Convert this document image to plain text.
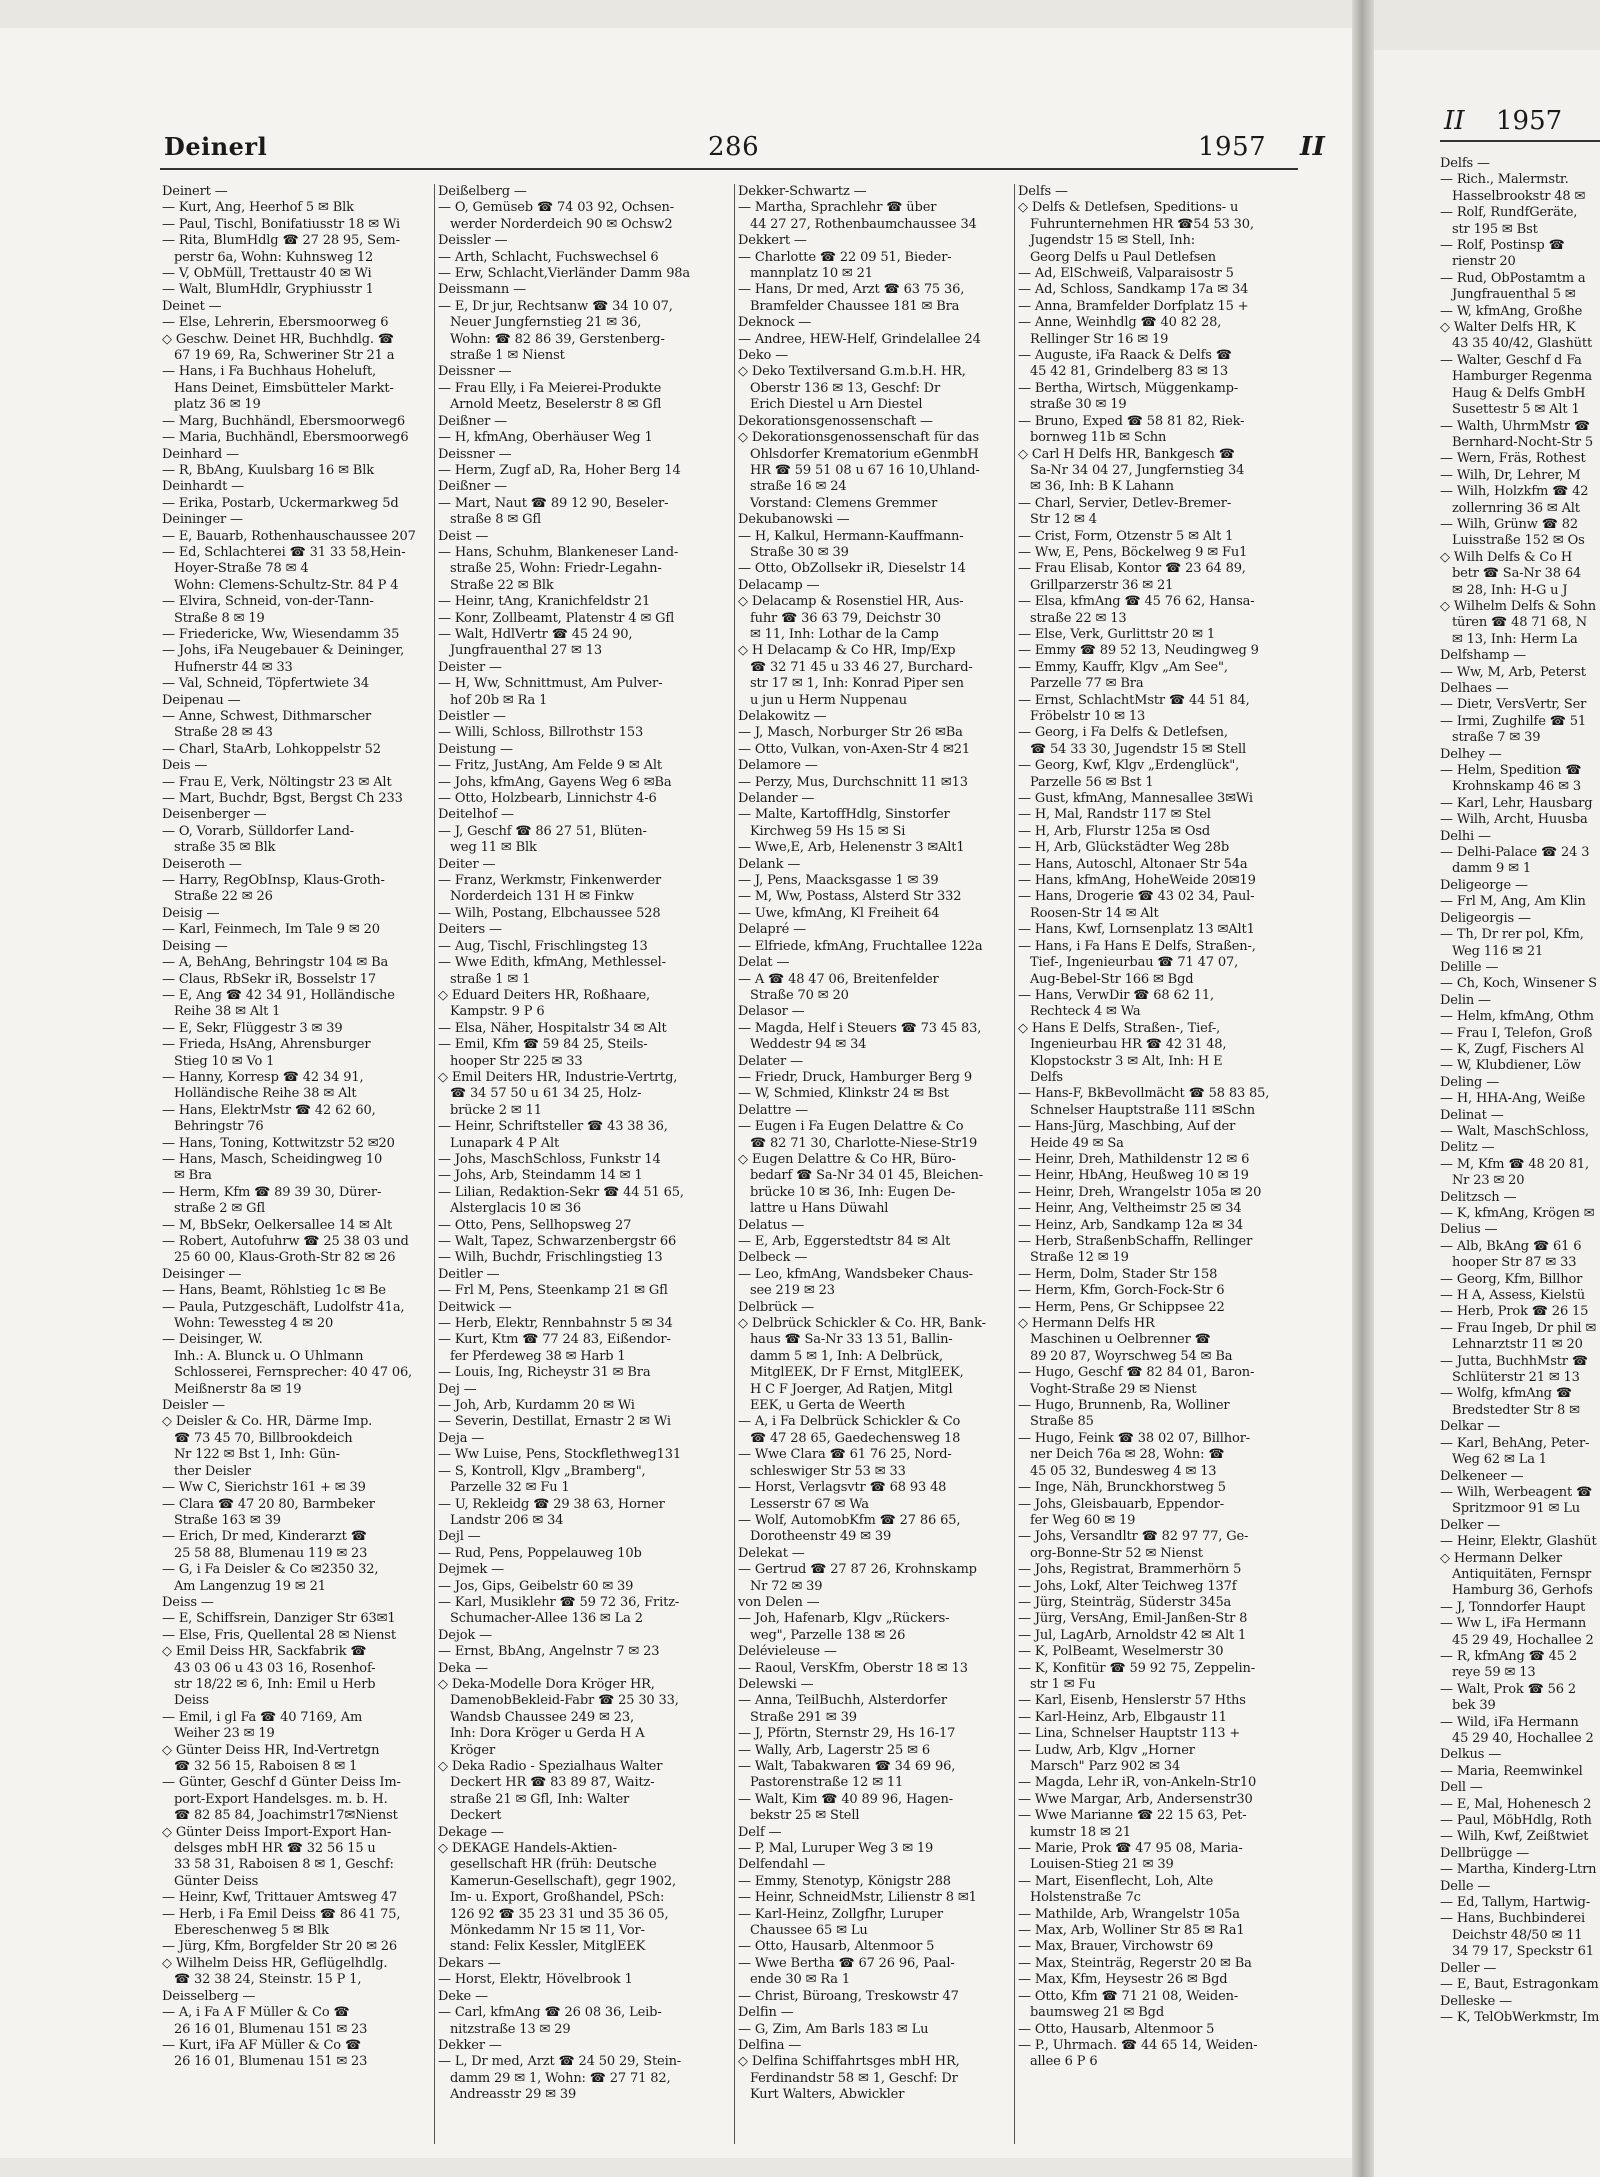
Deinerl	286	1957 II
Deinert —
— Kurt, Ang, Heerhof 5 ✉ Blk
— Paul, Tischl, Bonifatiusstr 18 ✉ Wi
— Rita, BlumHdlg ☎ 27 28 95, Sem-
perstr 6a, Wohn: Kuhnsweg 12
— V, ObMüll, Trettaustr 40 ✉ Wi
— Walt, BlumHdlr, Gryphiusstr 1
Deinet —
— Else, Lehrerin, Ebersmoorweg 6
◇ Geschw. Deinet HR, Buchhdlg. ☎
67 19 69, Ra, Schweriner Str 21 a
— Hans, i Fa Buchhaus Hoheluft,
Hans Deinet, Eimsbütteler Markt-
platz 36 ✉ 19
— Marg, Buchhändl, Ebersmoorweg6
— Maria, Buchhändl, Ebersmoorweg6
Deinhard —
— R, BbAng, Kuulsbarg 16 ✉ Blk
Deinhardt —
— Erika, Postarb, Uckermarkweg 5d
Deininger —
— E, Bauarb, Rothenhauschaussee 207
— Ed, Schlachterei ☎ 31 33 58,Hein-
Hoyer-Straße 78 ✉ 4
Wohn: Clemens-Schultz-Str. 84 P 4
— Elvira, Schneid, von-der-Tann-
Straße 8 ✉ 19
— Friedericke, Ww, Wiesendamm 35
— Johs, iFa Neugebauer & Deininger,
Hufnerstr 44 ✉ 33
— Val, Schneid, Töpfertwiete 34
Deipenau —
— Anne, Schwest, Dithmarscher
Straße 28 ✉ 43
— Charl, StaArb, Lohkoppelstr 52
Deis —
— Frau E, Verk, Nöltingstr 23 ✉ Alt
— Mart, Buchdr, Bgst, Bergst Ch 233
Deisenberger —
— O, Vorarb, Sülldorfer Land-
straße 35 ✉ Blk
Deiseroth —
— Harry, RegObInsp, Klaus-Groth-
Straße 22 ✉ 26
Deisig —
— Karl, Feinmech, Im Tale 9 ✉ 20
Deising —
— A, BehAng, Behringstr 104 ✉ Ba
— Claus, RbSekr iR, Bosselstr 17
— E, Ang ☎ 42 34 91, Holländische
Reihe 38 ✉ Alt 1
— E, Sekr, Flüggestr 3 ✉ 39
— Frieda, HsAng, Ahrensburger
Stieg 10 ✉ Vo 1
— Hanny, Korresp ☎ 42 34 91,
Holländische Reihe 38 ✉ Alt
— Hans, ElektrMstr ☎ 42 62 60,
Behringstr 76
— Hans, Toning, Kottwitzstr 52 ✉20
— Hans, Masch, Scheidingweg 10
✉ Bra
— Herm, Kfm ☎ 89 39 30, Dürer-
straße 2 ✉ Gfl
— M, BbSekr, Oelkersallee 14 ✉ Alt
— Robert, Autofuhrw ☎ 25 38 03 und
25 60 00, Klaus-Groth-Str 82 ✉ 26
Deisinger —
— Hans, Beamt, Röhlstieg 1c ✉ Be
— Paula, Putzgeschäft, Ludolfstr 41a,
Wohn: Tewessteg 4 ✉ 20
— Deisinger, W.
Inh.: A. Blunck u. O Uhlmann
Schlosserei, Fernsprecher: 40 47 06,
Meißnerstr 8a ✉ 19
Deisler —
◇ Deisler & Co. HR, Därme Imp.
☎ 73 45 70, Billbrookdeich
Nr 122 ✉ Bst 1, Inh: Gün-
ther Deisler
— Ww C, Sierichstr 161 + ✉ 39
— Clara ☎ 47 20 80, Barmbeker
Straße 163 ✉ 39
— Erich, Dr med, Kinderarzt ☎
25 58 88, Blumenau 119 ✉ 23
— G, i Fa Deisler & Co ✉2350 32,
Am Langenzug 19 ✉ 21
Deiss —
— E, Schiffsrein, Danziger Str 63✉1
— Else, Fris, Quellental 28 ✉ Nienst
◇ Emil Deiss HR, Sackfabrik ☎
43 03 06 u 43 03 16, Rosenhof-
str 18/22 ✉ 6, Inh: Emil u Herb
Deiss
— Emil, i gl Fa ☎ 40 7169, Am
Weiher 23 ✉ 19
◇ Günter Deiss HR, Ind-Vertretgn
☎ 32 56 15, Raboisen 8 ✉ 1
— Günter, Geschf d Günter Deiss Im-
port-Export Handelsges. m. b. H.
☎ 82 85 84, Joachimstr17✉Nienst
◇ Günter Deiss Import-Export Han-
delsges mbH HR ☎ 32 56 15 u
33 58 31, Raboisen 8 ✉ 1, Geschf:
Günter Deiss
— Heinr, Kwf, Trittauer Amtsweg 47
— Herb, i Fa Emil Deiss ☎ 86 41 75,
Ebereschenweg 5 ✉ Blk
— Jürg, Kfm, Borgfelder Str 20 ✉ 26
◇ Wilhelm Deiss HR, Geflügelhdlg.
☎ 32 38 24, Steinstr. 15 P 1,
Deisselberg —
— A, i Fa A F Müller & Co ☎
26 16 01, Blumenau 151 ✉ 23
— Kurt, iFa AF Müller & Co ☎
26 16 01, Blumenau 151 ✉ 23
Deißelberg —
— O, Gemüseb ☎ 74 03 92, Ochsen-
werder Norderdeich 90 ✉ Ochsw2
Deissler —
— Arth, Schlacht, Fuchswechsel 6
— Erw, Schlacht,Vierländer Damm 98a
Deissmann —
— E, Dr jur, Rechtsanw ☎ 34 10 07,
Neuer Jungfernstieg 21 ✉ 36,
Wohn: ☎ 82 86 39, Gerstenberg-
straße 1 ✉ Nienst
Deissner —
— Frau Elly, i Fa Meierei-Produkte
Arnold Meetz, Beselerstr 8 ✉ Gfl
Deißner —
— H, kfmAng, Oberhäuser Weg 1
Deissner —
— Herm, Zugf aD, Ra, Hoher Berg 14
Deißner —
— Mart, Naut ☎ 89 12 90, Beseler-
straße 8 ✉ Gfl
Deist —
— Hans, Schuhm, Blankeneser Land-
straße 25, Wohn: Friedr-Legahn-
Straße 22 ✉ Blk
— Heinr, tAng, Kranichfeldstr 21
— Konr, Zollbeamt, Platenstr 4 ✉ Gfl
— Walt, HdlVertr ☎ 45 24 90,
Jungfrauenthal 27 ✉ 13
Deister —
— H, Ww, Schnittmust, Am Pulver-
hof 20b ✉ Ra 1
Deistler —
— Willi, Schloss, Billrothstr 153
Deistung —
— Fritz, JustAng, Am Felde 9 ✉ Alt
— Johs, kfmAng, Gayens Weg 6 ✉Ba
— Otto, Holzbearb, Linnichstr 4-6
Deitelhof —
— J, Geschf ☎ 86 27 51, Blüten-
weg 11 ✉ Blk
Deiter —
— Franz, Werkmstr, Finkenwerder
Norderdeich 131 H ✉ Finkw
— Wilh, Postang, Elbchaussee 528
Deiters —
— Aug, Tischl, Frischlingsteg 13
— Wwe Edith, kfmAng, Methlessel-
straße 1 ✉ 1
◇ Eduard Deiters HR, Roßhaare,
Kampstr. 9 P 6
— Elsa, Näher, Hospitalstr 34 ✉ Alt
— Emil, Kfm ☎ 59 84 25, Steils-
hooper Str 225 ✉ 33
◇ Emil Deiters HR, Industrie-Vertrtg,
☎ 34 57 50 u 61 34 25, Holz-
brücke 2 ✉ 11
— Heinr, Schriftsteller ☎ 43 38 36,
Lunapark 4 P Alt
— Johs, MaschSchloss, Funkstr 14
— Johs, Arb, Steindamm 14 ✉ 1
— Lilian, Redaktion-Sekr ☎ 44 51 65,
Alsterglacis 10 ✉ 36
— Otto, Pens, Sellhopsweg 27
— Walt, Tapez, Schwarzenbergstr 66
— Wilh, Buchdr, Frischlingstieg 13
Deitler —
— Frl M, Pens, Steenkamp 21 ✉ Gfl
Deitwick —
— Herb, Elektr, Rennbahnstr 5 ✉ 34
— Kurt, Ktm ☎ 77 24 83, Eißendor-
fer Pferdeweg 38 ✉ Harb 1
— Louis, Ing, Richeystr 31 ✉ Bra
Dej —
— Joh, Arb, Kurdamm 20 ✉ Wi
— Severin, Destillat, Ernastr 2 ✉ Wi
Deja —
— Ww Luise, Pens, Stockflethweg131
— S, Kontroll, Klgv „Bramberg",
Parzelle 32 ✉ Fu 1
— U, Rekleidg ☎ 29 38 63, Horner
Landstr 206 ✉ 34
Dejl —
— Rud, Pens, Poppelauweg 10b
Dejmek —
— Jos, Gips, Geibelstr 60 ✉ 39
— Karl, Musiklehr ☎ 59 72 36, Fritz-
Schumacher-Allee 136 ✉ La 2
Dejok —
— Ernst, BbAng, Angelnstr 7 ✉ 23
Deka —
◇ Deka-Modelle Dora Kröger HR,
DamenobBekleid-Fabr ☎ 25 30 33,
Wandsb Chaussee 249 ✉ 23,
Inh: Dora Kröger u Gerda H A
Kröger
◇ Deka Radio - Spezialhaus Walter
Deckert HR ☎ 83 89 87, Waitz-
straße 21 ✉ Gfl, Inh: Walter
Deckert
Dekage —
◇ DEKAGE Handels-Aktien-
gesellschaft HR (früh: Deutsche
Kamerun-Gesellschaft), gegr 1902,
Im- u. Export, Großhandel, PSch:
126 92 ☎ 35 23 31 und 35 36 05,
Mönkedamm Nr 15 ✉ 11, Vor-
stand: Felix Kessler, MitglEEK
Dekars —
— Horst, Elektr, Hövelbrook 1
Deke —
— Carl, kfmAng ☎ 26 08 36, Leib-
nitzstraße 13 ✉ 29
Dekker —
— L, Dr med, Arzt ☎ 24 50 29, Stein-
damm 29 ✉ 1, Wohn: ☎ 27 71 82,
Andreasstr 29 ✉ 39
Dekker-Schwartz —
— Martha, Sprachlehr ☎ über
44 27 27, Rothenbaumchaussee 34
Dekkert —
— Charlotte ☎ 22 09 51, Bieder-
mannplatz 10 ✉ 21
— Hans, Dr med, Arzt ☎ 63 75 36,
Bramfelder Chaussee 181 ✉ Bra
Deknock —
— Andree, HEW-Helf, Grindelallee 24
Deko —
◇ Deko Textilversand G.m.b.H. HR,
Oberstr 136 ✉ 13, Geschf: Dr
Erich Diestel u Arn Diestel
Dekorationsgenossenschaft —
◇ Dekorationsgenossenschaft für das
Ohlsdorfer Krematorium eGenmbH
HR ☎ 59 51 08 u 67 16 10,Uhland-
straße 16 ✉ 24
Vorstand: Clemens Gremmer
Dekubanowski —
— H, Kalkul, Hermann-Kauffmann-
Straße 30 ✉ 39
— Otto, ObZollsekr iR, Dieselstr 14
Delacamp —
◇ Delacamp & Rosenstiel HR, Aus-
fuhr ☎ 36 63 79, Deichstr 30
✉ 11, Inh: Lothar de la Camp
◇ H Delacamp & Co HR, Imp/Exp
☎ 32 71 45 u 33 46 27, Burchard-
str 17 ✉ 1, Inh: Konrad Piper sen
u jun u Herm Nuppenau
Delakowitz —
— J, Masch, Norburger Str 26 ✉Ba
— Otto, Vulkan, von-Axen-Str 4 ✉21
Delamore —
— Perzy, Mus, Durchschnitt 11 ✉13
Delander —
— Malte, KartoffHdlg, Sinstorfer
Kirchweg 59 Hs 15 ✉ Si
— Wwe,E, Arb, Helenenstr 3 ✉Alt1
Delank —
— J, Pens, Maacksgasse 1 ✉ 39
— M, Ww, Postass, Alsterd Str 332
— Uwe, kfmAng, Kl Freiheit 64
Delapré —
— Elfriede, kfmAng, Fruchtallee 122a
Delat —
— A ☎ 48 47 06, Breitenfelder
Straße 70 ✉ 20
Delasor —
— Magda, Helf i Steuers ☎ 73 45 83,
Weddestr 94 ✉ 34
Delater —
— Friedr, Druck, Hamburger Berg 9
— W, Schmied, Klinkstr 24 ✉ Bst
Delattre —
— Eugen i Fa Eugen Delattre & Co
☎ 82 71 30, Charlotte-Niese-Str19
◇ Eugen Delattre & Co HR, Büro-
bedarf ☎ Sa-Nr 34 01 45, Bleichen-
brücke 10 ✉ 36, Inh: Eugen De-
lattre u Hans Düwahl
Delatus —
— E, Arb, Eggerstedtstr 84 ✉ Alt
Delbeck —
— Leo, kfmAng, Wandsbeker Chaus-
see 219 ✉ 23
Delbrück —
◇ Delbrück Schickler & Co. HR, Bank-
haus ☎ Sa-Nr 33 13 51, Ballin-
damm 5 ✉ 1, Inh: A Delbrück,
MitglEEK, Dr F Ernst, MitglEEK,
H C F Joerger, Ad Ratjen, Mitgl
EEK, u Gerta de Weerth
— A, i Fa Delbrück Schickler & Co
☎ 47 28 65, Gaedechensweg 18
— Wwe Clara ☎ 61 76 25, Nord-
schleswiger Str 53 ✉ 33
— Horst, Verlagsvtr ☎ 68 93 48
Lesserstr 67 ✉ Wa
— Wolf, AutomobKfm ☎ 27 86 65,
Dorotheenstr 49 ✉ 39
Delekat —
— Gertrud ☎ 27 87 26, Krohnskamp
Nr 72 ✉ 39
von Delen —
— Joh, Hafenarb, Klgv „Rückers-
weg", Parzelle 138 ✉ 26
Delévieleuse —
— Raoul, VersKfm, Oberstr 18 ✉ 13
Delewski —
— Anna, TeilBuchh, Alsterdorfer
Straße 291 ✉ 39
— J, Pförtn, Sternstr 29, Hs 16-17
— Wally, Arb, Lagerstr 25 ✉ 6
— Walt, Tabakwaren ☎ 34 69 96,
Pastorenstraße 12 ✉ 11
— Walt, Kim ☎ 40 89 96, Hagen-
bekstr 25 ✉ Stell
Delf —
— P, Mal, Luruper Weg 3 ✉ 19
Delfendahl —
— Emmy, Stenotyp, Königstr 288
— Heinr, SchneidMstr, Lilienstr 8 ✉1
— Karl-Heinz, Zollgfhr, Luruper
Chaussee 65 ✉ Lu
— Otto, Hausarb, Altenmoor 5
— Wwe Bertha ☎ 67 26 96, Paal-
ende 30 ✉ Ra 1
— Christ, Büroang, Treskowstr 47
Delfin —
— G, Zim, Am Barls 183 ✉ Lu
Delfina —
◇ Delfina Schiffahrtsges mbH HR,
Ferdinandstr 58 ✉ 1, Geschf: Dr
Kurt Walters, Abwickler
Delfs —
◇ Delfs & Detlefsen, Speditions- u
Fuhrunternehmen HR ☎54 53 30,
Jugendstr 15 ✉ Stell, Inh:
Georg Delfs u Paul Detlefsen
— Ad, ElSchweiß, Valparaisostr 5
— Ad, Schloss, Sandkamp 17a ✉ 34
— Anna, Bramfelder Dorfplatz 15 +
— Anne, Weinhdlg ☎ 40 82 28,
Rellinger Str 16 ✉ 19
— Auguste, iFa Raack & Delfs ☎
45 42 81, Grindelberg 83 ✉ 13
— Bertha, Wirtsch, Müggenkamp-
straße 30 ✉ 19
— Bruno, Exped ☎ 58 81 82, Riek-
bornweg 11b ✉ Schn
◇ Carl H Delfs HR, Bankgesch ☎
Sa-Nr 34 04 27, Jungfernstieg 34
✉ 36, Inh: B K Lahann
— Charl, Servier, Detlev-Bremer-
Str 12 ✉ 4
— Crist, Form, Otzenstr 5 ✉ Alt 1
— Ww, E, Pens, Böckelweg 9 ✉ Fu1
— Frau Elisab, Kontor ☎ 23 64 89,
Grillparzerstr 36 ✉ 21
— Elsa, kfmAng ☎ 45 76 62, Hansa-
straße 22 ✉ 13
— Else, Verk, Gurlittstr 20 ✉ 1
— Emmy ☎ 89 52 13, Neudingweg 9
— Emmy, Kauffr, Klgv „Am See",
Parzelle 77 ✉ Bra
— Ernst, SchlachtMstr ☎ 44 51 84,
Fröbelstr 10 ✉ 13
— Georg, i Fa Delfs & Detlefsen,
☎ 54 33 30, Jugendstr 15 ✉ Stell
— Georg, Kwf, Klgv „Erdenglück",
Parzelle 56 ✉ Bst 1
— Gust, kfmAng, Mannesallee 3✉Wi
— H, Mal, Randstr 117 ✉ Stel
— H, Arb, Flurstr 125a ✉ Osd
— H, Arb, Glückstädter Weg 28b
— Hans, Autoschl, Altonaer Str 54a
— Hans, kfmAng, HoheWeide 20✉19
— Hans, Drogerie ☎ 43 02 34, Paul-
Roosen-Str 14 ✉ Alt
— Hans, Kwf, Lornsenplatz 13 ✉Alt1
— Hans, i Fa Hans E Delfs, Straßen-,
Tief-, Ingenieurbau ☎ 71 47 07,
Aug-Bebel-Str 166 ✉ Bgd
— Hans, VerwDir ☎ 68 62 11,
Rechteck 4 ✉ Wa
◇ Hans E Delfs, Straßen-, Tief-,
Ingenieurbau HR ☎ 42 31 48,
Klopstockstr 3 ✉ Alt, Inh: H E
Delfs
— Hans-F, BkBevollmächt ☎ 58 83 85,
Schnelser Hauptstraße 111 ✉Schn
— Hans-Jürg, Maschbing, Auf der
Heide 49 ✉ Sa
— Heinr, Dreh, Mathildenstr 12 ✉ 6
— Heinr, HbAng, Heußweg 10 ✉ 19
— Heinr, Dreh, Wrangelstr 105a ✉ 20
— Heinr, Ang, Veltheimstr 25 ✉ 34
— Heinz, Arb, Sandkamp 12a ✉ 34
— Herb, StraßenbSchaffn, Rellinger
Straße 12 ✉ 19
— Herm, Dolm, Stader Str 158
— Herm, Kfm, Gorch-Fock-Str 6
— Herm, Pens, Gr Schippsee 22
◇ Hermann Delfs HR
Maschinen u Oelbrenner ☎
89 20 87, Woyrschweg 54 ✉ Ba
— Hugo, Geschf ☎ 82 84 01, Baron-
Voght-Straße 29 ✉ Nienst
— Hugo, Brunnenb, Ra, Wolliner
Straße 85
— Hugo, Feink ☎ 38 02 07, Billhor-
ner Deich 76a ✉ 28, Wohn: ☎
45 05 32, Bundesweg 4 ✉ 13
— Inge, Näh, Brunckhorstweg 5
— Johs, Gleisbauarb, Eppendor-
fer Weg 60 ✉ 19
— Johs, Versandltr ☎ 82 97 77, Ge-
org-Bonne-Str 52 ✉ Nienst
— Johs, Registrat, Brammerhörn 5
— Johs, Lokf, Alter Teichweg 137f
— Jürg, Steinträg, Süderstr 345a
— Jürg, VersAng, Emil-Janßen-Str 8
— Jul, LagArb, Arnoldstr 42 ✉ Alt 1
— K, PolBeamt, Weselmerstr 30
— K, Konfitür ☎ 59 92 75, Zeppelin-
str 1 ✉ Fu
— Karl, Eisenb, Henslerstr 57 Hths
— Karl-Heinz, Arb, Elbgaustr 11
— Lina, Schnelser Hauptstr 113 +
— Ludw, Arb, Klgv „Horner
Marsch" Parz 902 ✉ 34
— Magda, Lehr iR, von-Ankeln-Str10
— Wwe Margar, Arb, Andersenstr30
— Wwe Marianne ☎ 22 15 63, Pet-
kumstr 18 ✉ 21
— Marie, Prok ☎ 47 95 08, Maria-
Louisen-Stieg 21 ✉ 39
— Mart, Eisenflecht, Loh, Alte
Holstenstraße 7c
— Mathilde, Arb, Wrangelstr 105a
— Max, Arb, Wolliner Str 85 ✉ Ra1
— Max, Brauer, Virchowstr 69
— Max, Steinträg, Regerstr 20 ✉ Ba
— Max, Kfm, Heysestr 26 ✉ Bgd
— Otto, Kfm ☎ 71 21 08, Weiden-
baumsweg 21 ✉ Bgd
— Otto, Hausarb, Altenmoor 5
— P., Uhrmach. ☎ 44 65 14, Weiden-
allee 6 P 6
II 1957
Delfs —
— Rich., Malermstr.
Hasselbrookstr 48 ✉
— Rolf, RundfGeräte,
str 195 ✉ Bst
— Rolf, Postinsp ☎
rienstr 20
— Rud, ObPostamtm a
Jungfrauenthal 5 ✉
— W, kfmAng, Großhe
◇ Walter Delfs HR, K
43 35 40/42, Glashütt
— Walter, Geschf d Fa
Hamburger Regenma
Haug & Delfs GmbH
Susettestr 5 ✉ Alt 1
— Walth, UhrmMstr ☎
Bernhard-Nocht-Str 5
— Wern, Fräs, Rothest
— Wilh, Dr, Lehrer, M
— Wilh, Holzkfm ☎ 42
zollernring 36 ✉ Alt
— Wilh, Grünw ☎ 82
Luisstraße 152 ✉ Os
◇ Wilh Delfs & Co H
betr ☎ Sa-Nr 38 64
✉ 28, Inh: H-G u J
◇ Wilhelm Delfs & Sohn
türen ☎ 48 71 68, N
✉ 13, Inh: Herm La
Delfshamp —
— Ww, M, Arb, Peterst
Delhaes —
— Dietr, VersVertr, Ser
— Irmi, Zughilfe ☎ 51
straße 7 ✉ 39
Delhey —
— Helm, Spedition ☎
Krohnskamp 46 ✉ 3
— Karl, Lehr, Hausbarg
— Wilh, Archt, Huusba
Delhi —
— Delhi-Palace ☎ 24 3
damm 9 ✉ 1
Deligeorge —
— Frl M, Ang, Am Klin
Deligeorgis —
— Th, Dr rer pol, Kfm,
Weg 116 ✉ 21
Delille —
— Ch, Koch, Winsener S
Delin —
— Helm, kfmAng, Othm
— Frau I, Telefon, Groß
— K, Zugf, Fischers Al
— W, Klubdiener, Löw
Deling —
— H, HHA-Ang, Weiße
Delinat —
— Walt, MaschSchloss,
Delitz —
— M, Kfm ☎ 48 20 81,
Nr 23 ✉ 20
Delitzsch —
— K, kfmAng, Krögen ✉
Delius —
— Alb, BkAng ☎ 61 6
hooper Str 87 ✉ 33
— Georg, Kfm, Billhor
— H A, Assess, Kielstü
— Herb, Prok ☎ 26 15
— Frau Ingeb, Dr phil ✉
Lehnarztstr 11 ✉ 20
— Jutta, BuchhMstr ☎
Schlüterstr 21 ✉ 13
— Wolfg, kfmAng ☎
Bredstedter Str 8 ✉
Delkar —
— Karl, BehAng, Peter-
Weg 62 ✉ La 1
Delkeneer —
— Wilh, Werbeagent ☎
Spritzmoor 91 ✉ Lu
Delker —
— Heinr, Elektr, Glashüt
◇ Hermann Delker
Antiquitäten, Fernspr
Hamburg 36, Gerhofs
— J, Tonndorfer Haupt
— Ww L, iFa Hermann
45 29 49, Hochallee 2
— R, kfmAng ☎ 45 2
reye 59 ✉ 13
— Walt, Prok ☎ 56 2
bek 39
— Wild, iFa Hermann
45 29 40, Hochallee 2
Delkus —
— Maria, Reemwinkel
Dell —
— E, Mal, Hohenesch 2
— Paul, MöbHdlg, Roth
— Wilh, Kwf, Zeißtwiet
Dellbrügge —
— Martha, Kinderg-Ltrn
Delle —
— Ed, Tallym, Hartwig-
— Hans, Buchbinderei
Deichstr 48/50 ✉ 11
34 79 17, Speckstr 61
Deller —
— E, Baut, Estragonkam
Delleske —
— K, TelObWerkmstr, Im
